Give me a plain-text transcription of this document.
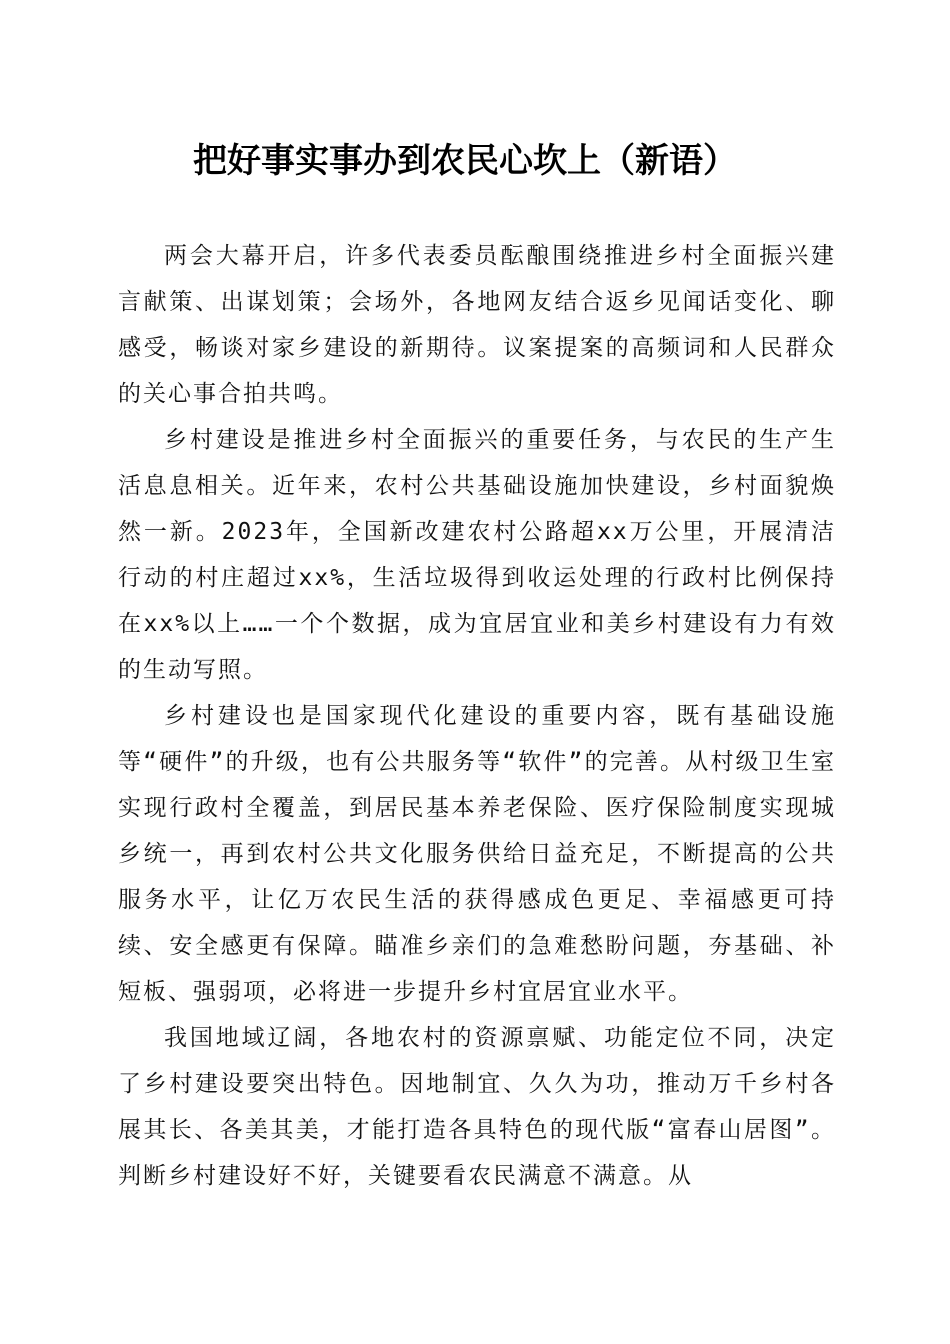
把好事实事办到农民心坎上（新语）

两会大幕开启，许多代表委员酝酿围绕推进乡村全面振兴建言献策、出谋划策；会场外，各地网友结合返乡见闻话变化、聊感受，畅谈对家乡建设的新期待。议案提案的高频词和人民群众的关心事合拍共鸣。

乡村建设是推进乡村全面振兴的重要任务，与农民的生产生活息息相关。近年来，农村公共基础设施加快建设，乡村面貌焕然一新。2023年，全国新改建农村公路超xx万公里，开展清洁行动的村庄超过xx%，生活垃圾得到收运处理的行政村比例保持在xx%以上……一个个数据，成为宜居宜业和美乡村建设有力有效的生动写照。

乡村建设也是国家现代化建设的重要内容，既有基础设施等“硬件”的升级，也有公共服务等“软件”的完善。从村级卫生室实现行政村全覆盖，到居民基本养老保险、医疗保险制度实现城乡统一，再到农村公共文化服务供给日益充足，不断提高的公共服务水平，让亿万农民生活的获得感成色更足、幸福感更可持续、安全感更有保障。瞄准乡亲们的急难愁盼问题，夯基础、补短板、强弱项，必将进一步提升乡村宜居宜业水平。

我国地域辽阔，各地农村的资源禀赋、功能定位不同，决定了乡村建设要突出特色。因地制宜、久久为功，推动万千乡村各展其长、各美其美，才能打造各具特色的现代版“富春山居图”。判断乡村建设好不好，关键要看农民满意不满意。从
